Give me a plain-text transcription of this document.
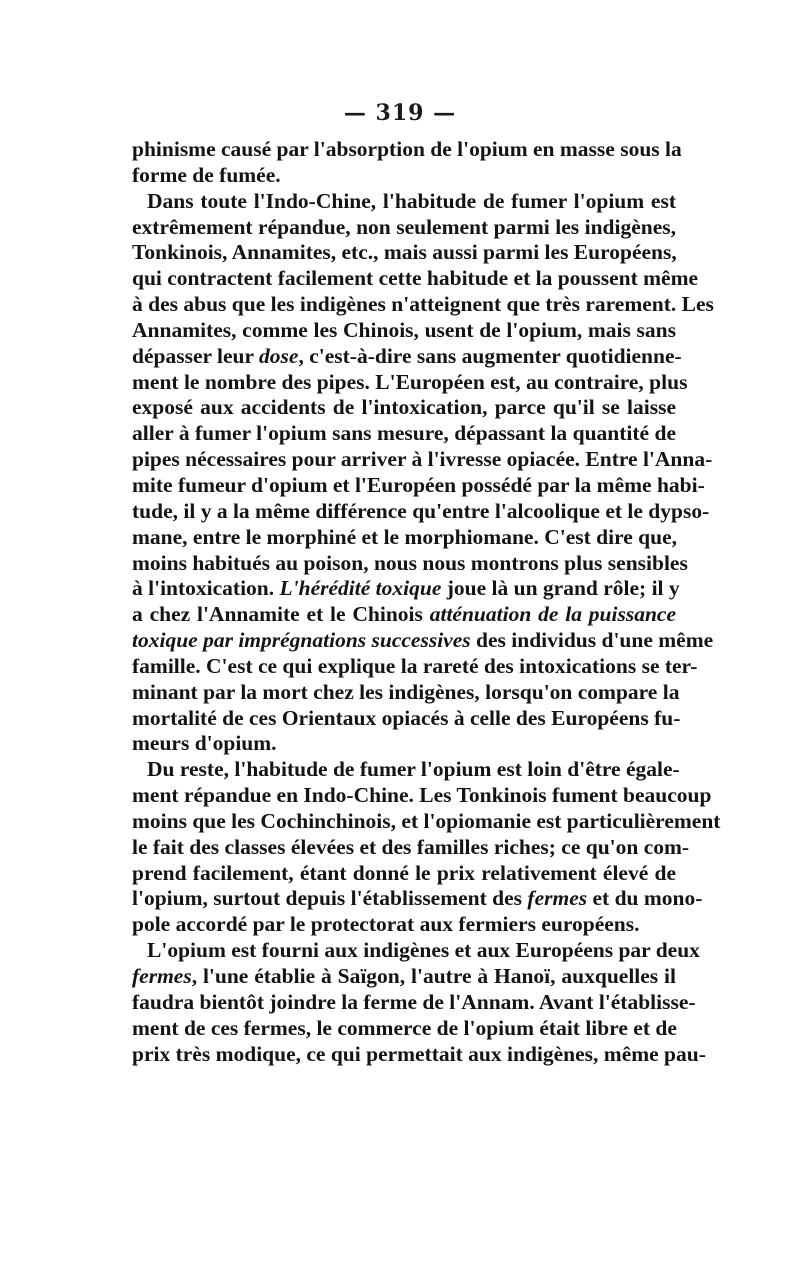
— 319 —
phinisme causé par l'absorption de l'opium en masse sous la
forme de fumée.
Dans toute l'Indo-Chine, l'habitude de fumer l'opium est
extrêmement répandue, non seulement parmi les indigènes,
Tonkinois, Annamites, etc., mais aussi parmi les Européens,
qui contractent facilement cette habitude et la poussent même
à des abus que les indigènes n'atteignent que très rarement. Les
Annamites, comme les Chinois, usent de l'opium, mais sans
dépasser leur dose, c'est-à-dire sans augmenter quotidienne-
ment le nombre des pipes. L'Européen est, au contraire, plus
exposé aux accidents de l'intoxication, parce qu'il se laisse
aller à fumer l'opium sans mesure, dépassant la quantité de
pipes nécessaires pour arriver à l'ivresse opiacée. Entre l'Anna-
mite fumeur d'opium et l'Européen possédé par la même habi-
tude, il y a la même différence qu'entre l'alcoolique et le dypso-
mane, entre le morphiné et le morphiomane. C'est dire que,
moins habitués au poison, nous nous montrons plus sensibles
à l'intoxication. L'hérédité toxique joue là un grand rôle; il y
a chez l'Annamite et le Chinois atténuation de la puissance
toxique par imprégnations successives des individus d'une même
famille. C'est ce qui explique la rareté des intoxications se ter-
minant par la mort chez les indigènes, lorsqu'on compare la
mortalité de ces Orientaux opiacés à celle des Européens fu-
meurs d'opium.
Du reste, l'habitude de fumer l'opium est loin d'être égale-
ment répandue en Indo-Chine. Les Tonkinois fument beaucoup
moins que les Cochinchinois, et l'opiomanie est particulièrement
le fait des classes élevées et des familles riches; ce qu'on com-
prend facilement, étant donné le prix relativement élevé de
l'opium, surtout depuis l'établissement des fermes et du mono-
pole accordé par le protectorat aux fermiers européens.
L'opium est fourni aux indigènes et aux Européens par deux
fermes, l'une établie à Saïgon, l'autre à Hanoï, auxquelles il
faudra bientôt joindre la ferme de l'Annam. Avant l'établisse-
ment de ces fermes, le commerce de l'opium était libre et de
prix très modique, ce qui permettait aux indigènes, même pau-
